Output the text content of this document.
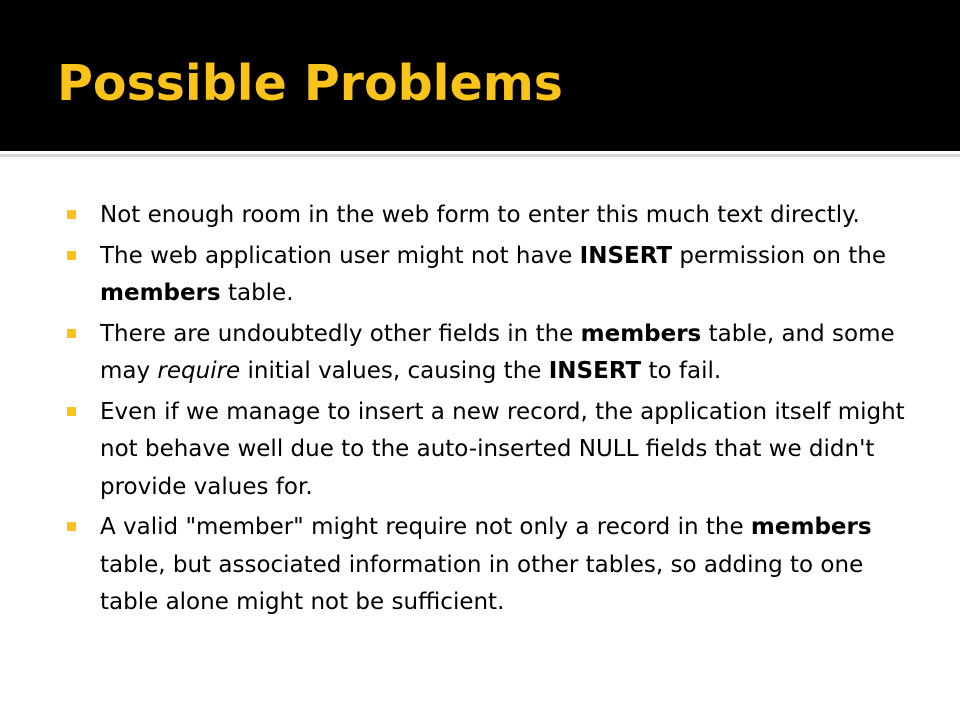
Possible Problems
Not enough room in the web form to enter this much text directly.
The web application user might not have INSERT permission on the members table.
There are undoubtedly other fields in the members table, and some may require initial values, causing the INSERT to fail.
Even if we manage to insert a new record, the application itself might not behave well due to the auto-inserted NULL fields that we didn't provide values for.
A valid "member" might require not only a record in the members table, but associated information in other tables, so adding to one table alone might not be sufficient.
